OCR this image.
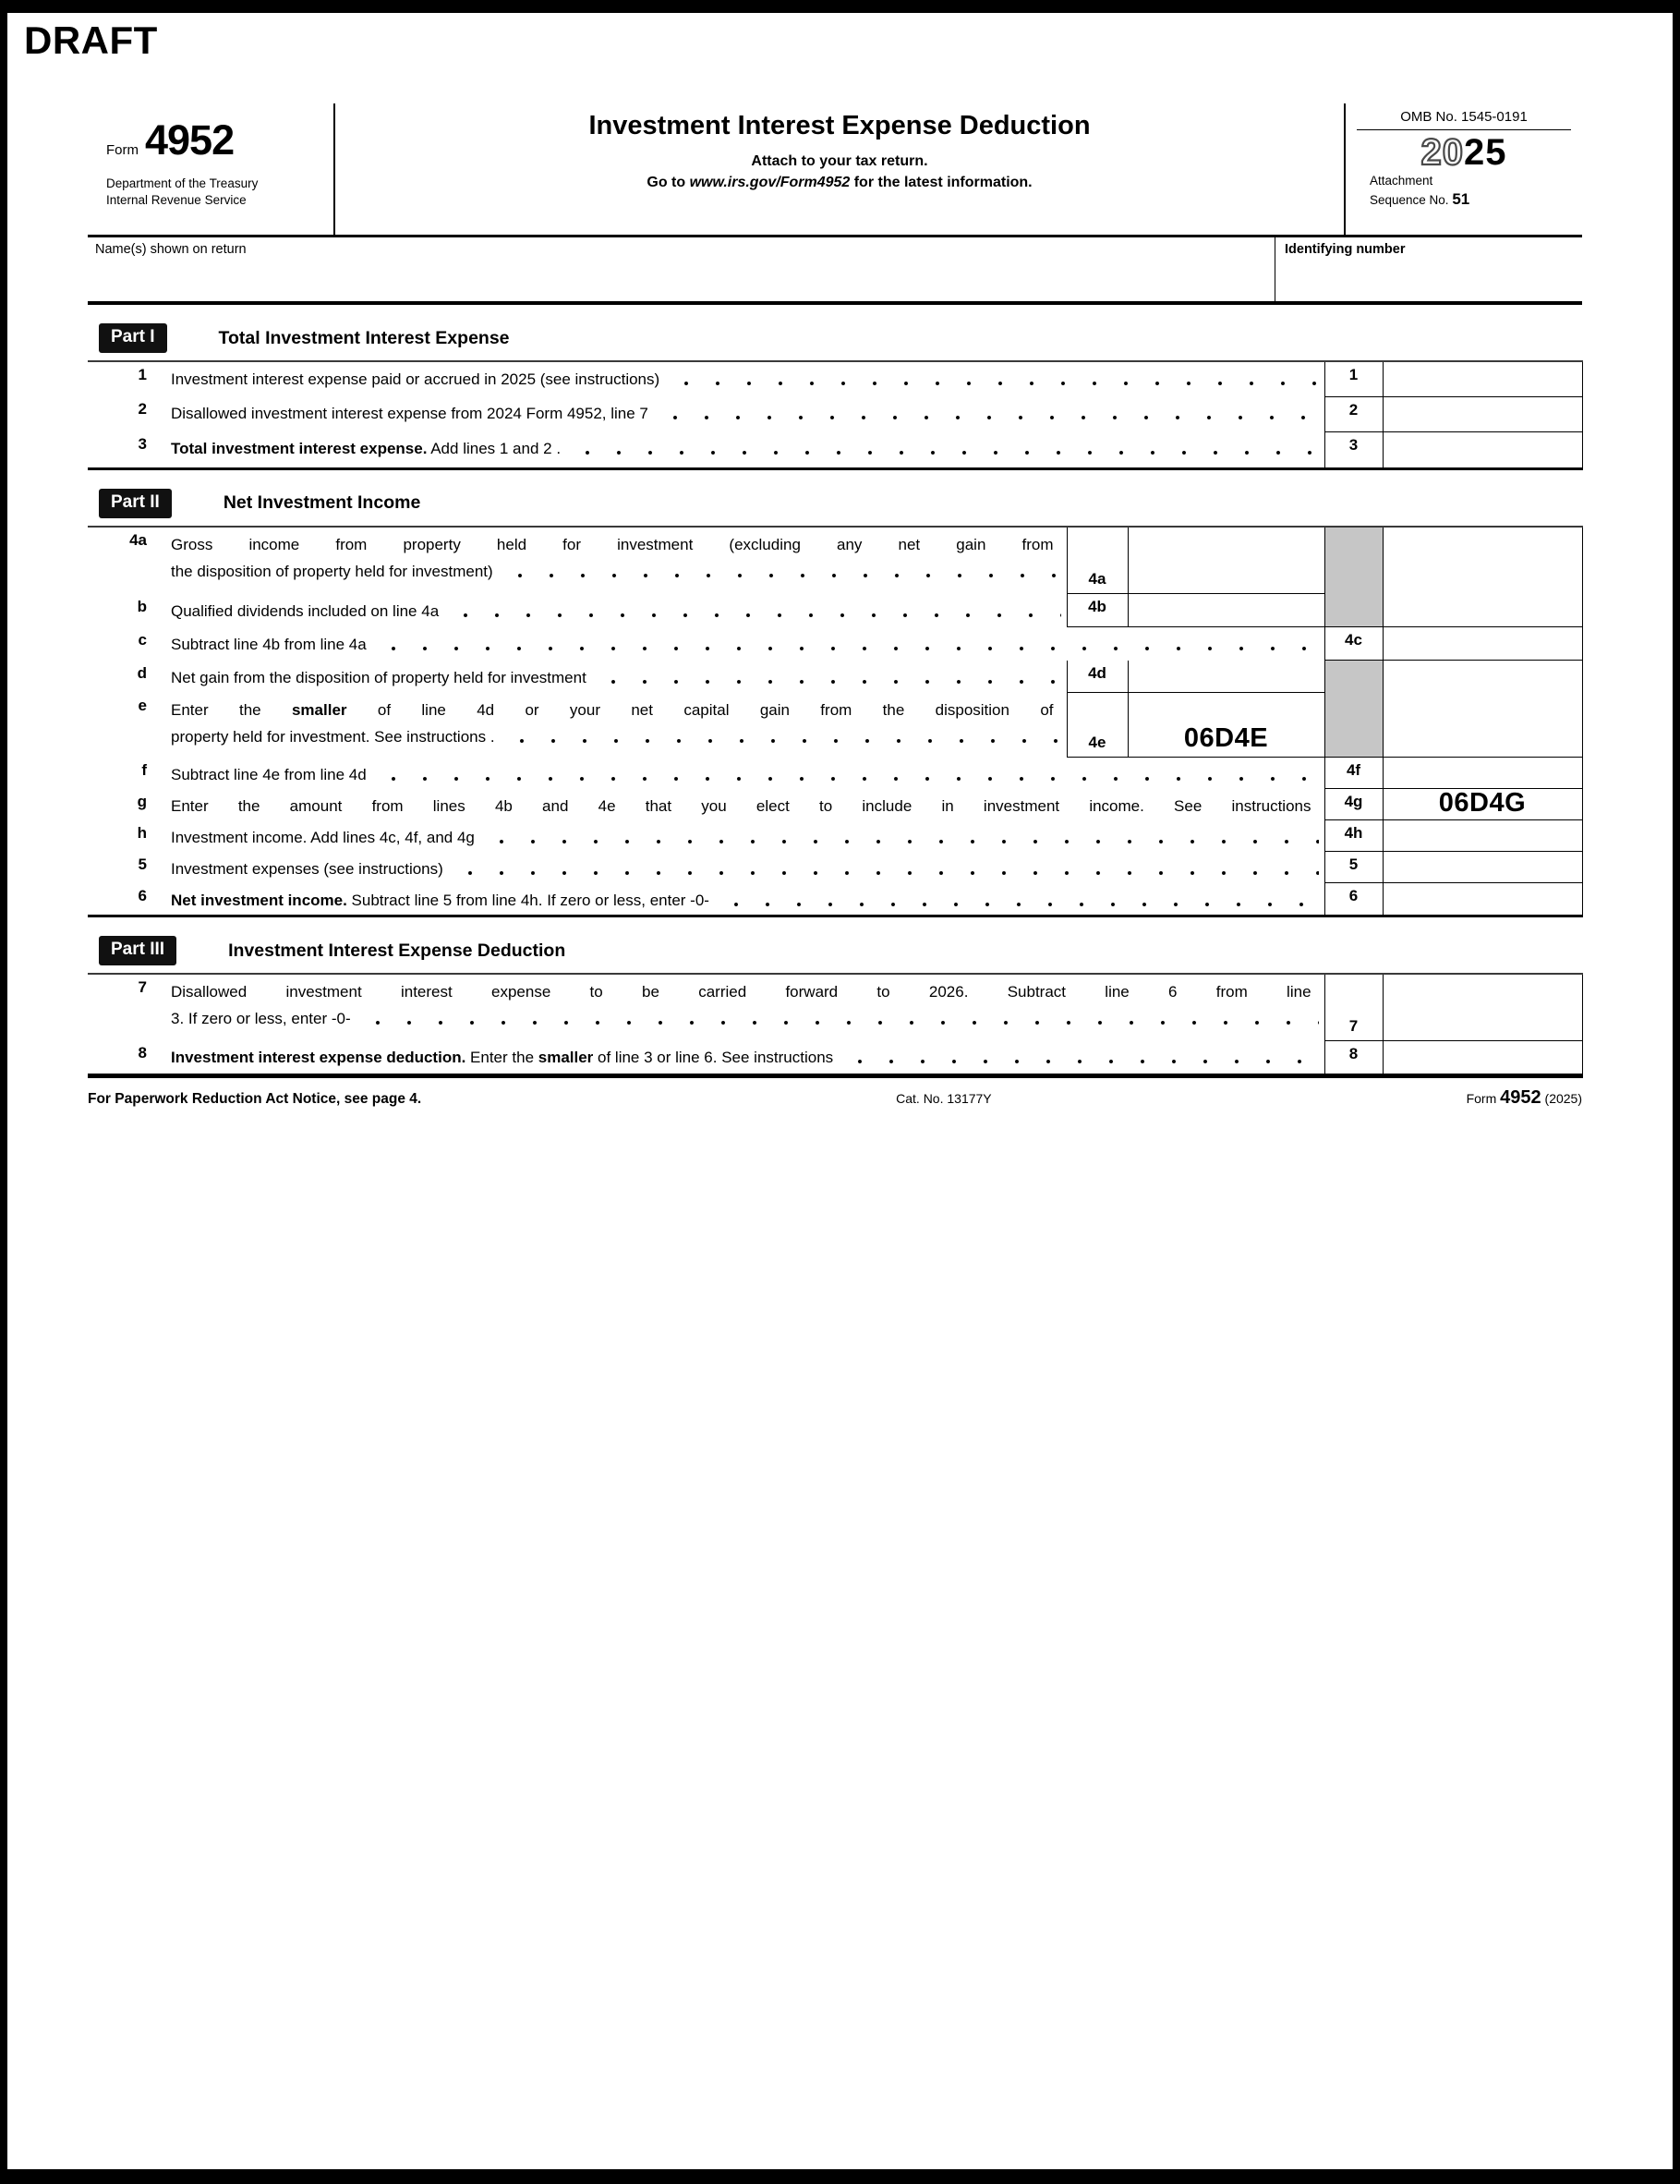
DRAFT
Form 4952
Department of the Treasury
Internal Revenue Service
Investment Interest Expense Deduction
Attach to your tax return.
Go to www.irs.gov/Form4952 for the latest information.
OMB No. 1545-0191
2025
Attachment
Sequence No. 51
Name(s) shown on return	Identifying number
Part I	Total Investment Interest Expense
1	Investment interest expense paid or accrued in 2025 (see instructions)	1	
2	Disallowed investment interest expense from 2024 Form 4952, line 7	2	
3	Total investment interest expense. Add lines 1 and 2 .	3	
Part II	Net Investment Income
4a	Gross income from property held for investment (excluding any net gain from
the disposition of property held for investment)	4a			
b	Qualified dividends included on line 4a	4b			
c	Subtract line 4b from line 4a			4c	
d	Net gain from the disposition of property held for investment	4d			
e	Enter the smaller of line 4d or your net capital gain from the disposition of
property held for investment. See instructions .	4e	06D4E		

f	Subtract line 4e from line 4d			4f	
g	Enter the amount from lines 4b and 4e that you elect to include in investment income. See instructions			4g	06D4G

h	Investment income. Add lines 4c, 4f, and 4g			4h	
5	Investment expenses (see instructions)			5	
6	Net investment income. Subtract line 5 from line 4h. If zero or less, enter -0-			6	
Part III	Investment Interest Expense Deduction
7	Disallowed investment interest expense to be carried forward to 2026. Subtract line 6 from line
3. If zero or less, enter -0-	7	
8	Investment interest expense deduction. Enter the smaller of line 3 or line 6. See instructions	8	
For Paperwork Reduction Act Notice, see page 4.	Cat. No. 13177Y	Form 4952 (2025)
